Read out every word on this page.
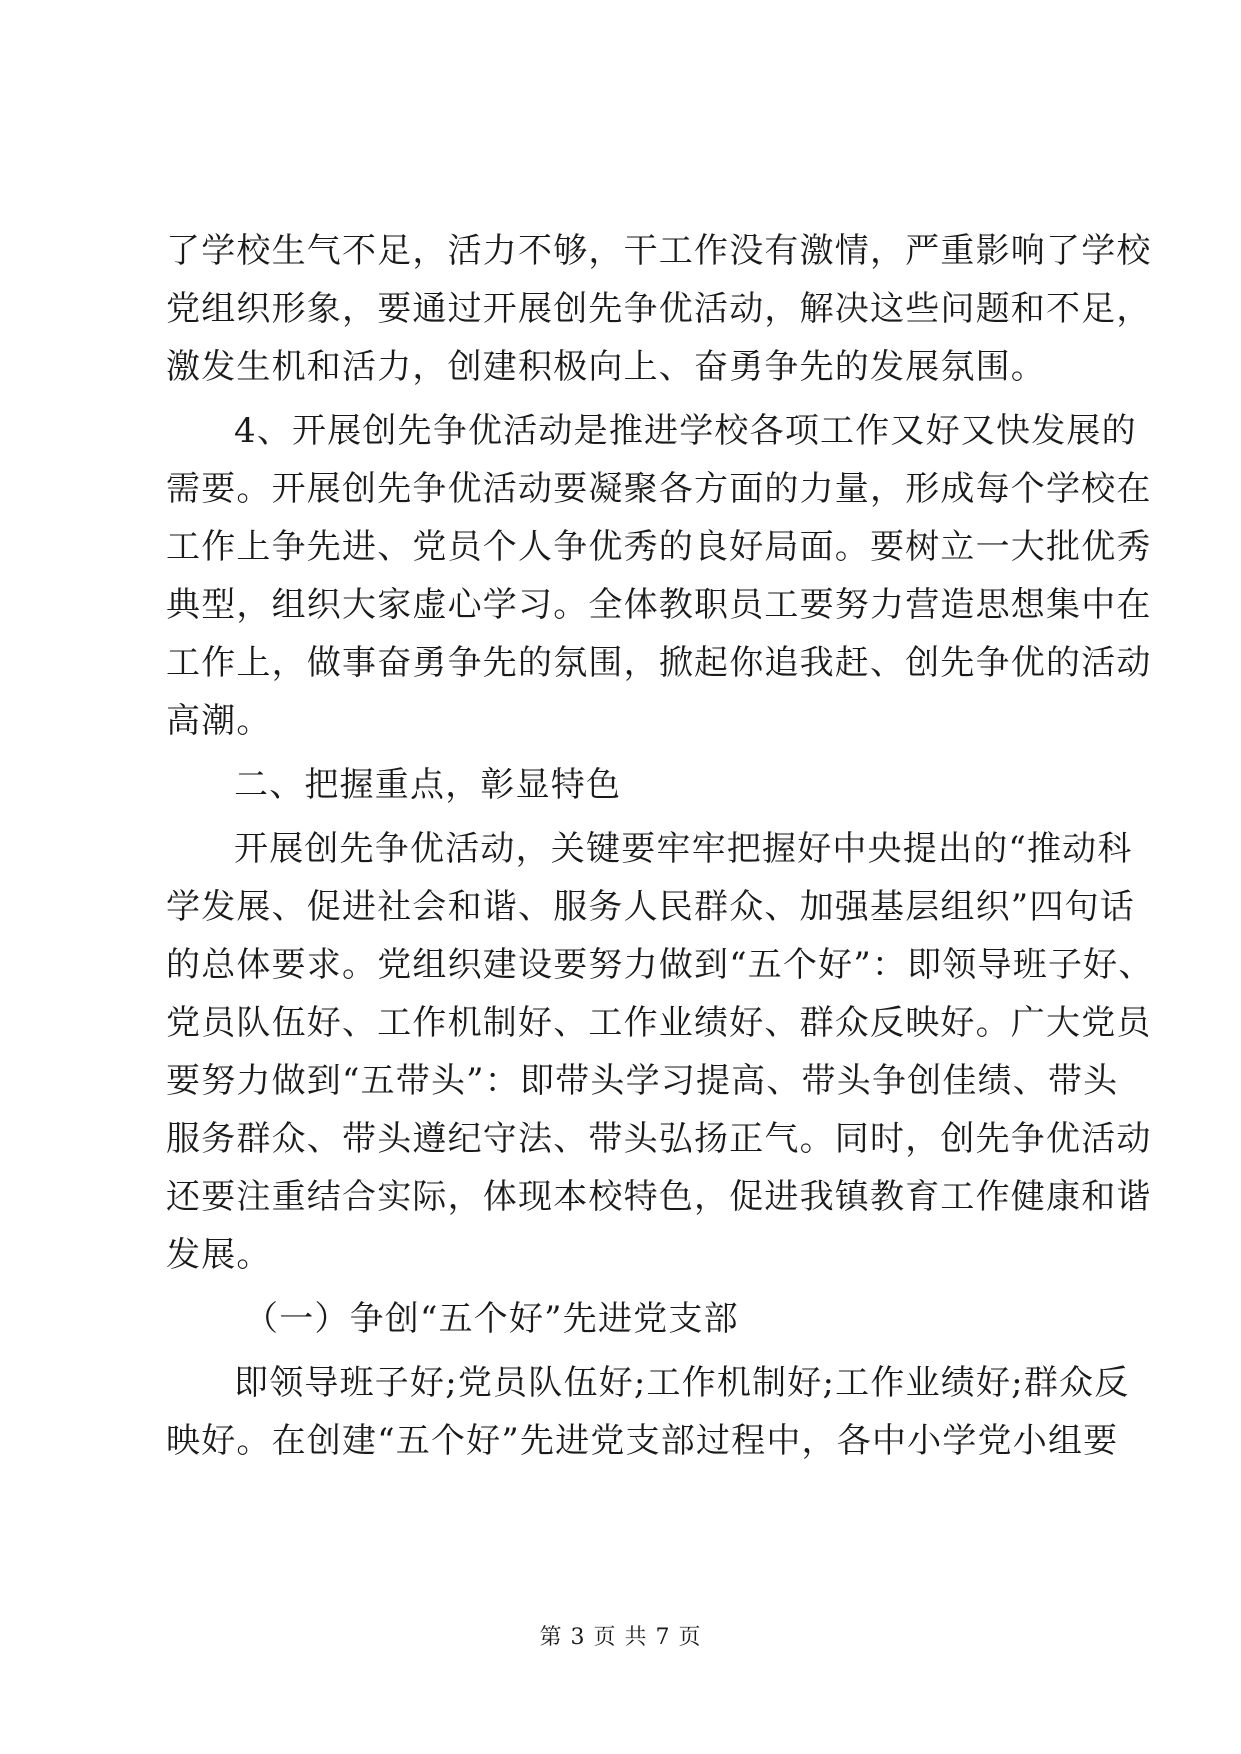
了学校生气不足，活力不够，干工作没有激情，严重影响了学校
党组织形象，要通过开展创先争优活动，解决这些问题和不足，
激发生机和活力，创建积极向上、奋勇争先的发展氛围。
4、开展创先争优活动是推进学校各项工作又好又快发展的
需要。开展创先争优活动要凝聚各方面的力量，形成每个学校在
工作上争先进、党员个人争优秀的良好局面。要树立一大批优秀
典型，组织大家虚心学习。全体教职员工要努力营造思想集中在
工作上，做事奋勇争先的氛围，掀起你追我赶、创先争优的活动
高潮。
二、把握重点，彰显特色
开展创先争优活动，关键要牢牢把握好中央提出的“推动科
学发展、促进社会和谐、服务人民群众、加强基层组织”四句话
的总体要求。党组织建设要努力做到“五个好”：即领导班子好、
党员队伍好、工作机制好、工作业绩好、群众反映好。广大党员
要努力做到“五带头”：即带头学习提高、带头争创佳绩、带头
服务群众、带头遵纪守法、带头弘扬正气。同时，创先争优活动
还要注重结合实际，体现本校特色，促进我镇教育工作健康和谐
发展。
（一）争创“五个好”先进党支部
即领导班子好;党员队伍好;工作机制好;工作业绩好;群众反
映好。在创建“五个好”先进党支部过程中，各中小学党小组要
第 3 页 共 7 页
